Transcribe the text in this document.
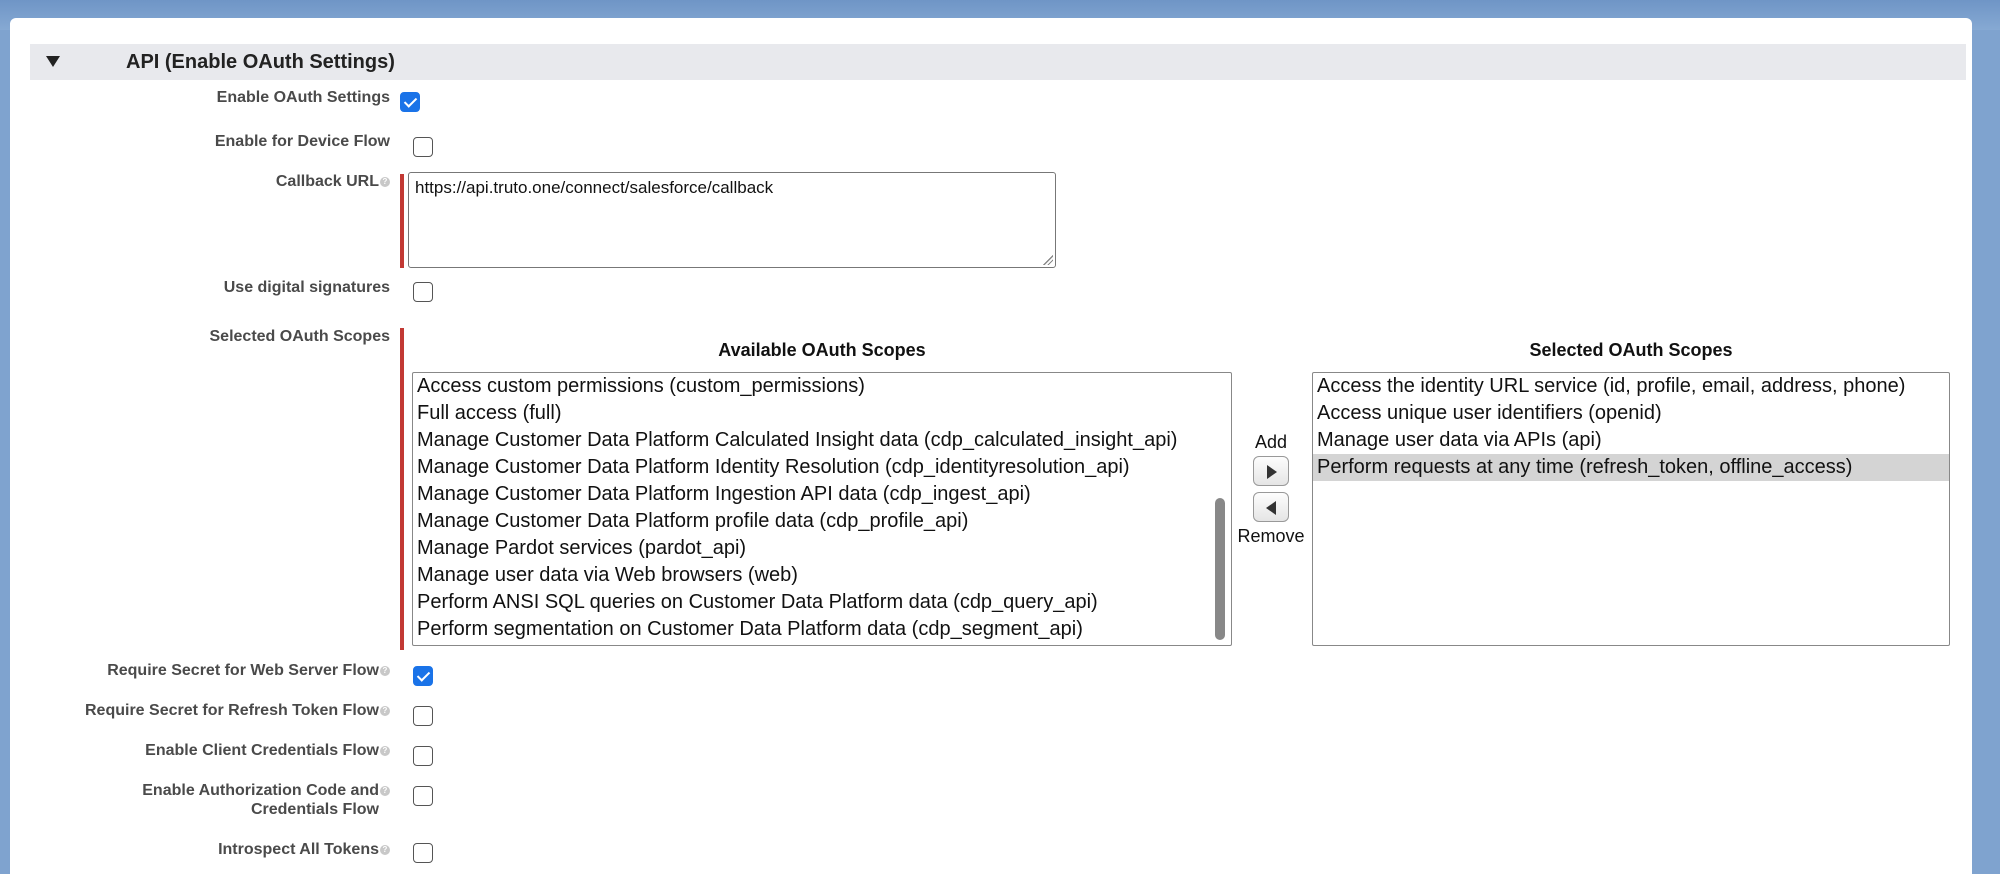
API (Enable OAuth Settings)
Enable OAuth Settings
Enable for Device Flow
Callback URL ?	https://api.truto.one/connect/salesforce/callback
Use digital signatures
Selected OAuth Scopes
Available OAuth Scopes
Access custom permissions (custom_permissions)
Full access (full)
Manage Customer Data Platform Calculated Insight data (cdp_calculated_insight_api)
Manage Customer Data Platform Identity Resolution (cdp_identityresolution_api)
Manage Customer Data Platform Ingestion API data (cdp_ingest_api)
Manage Customer Data Platform profile data (cdp_profile_api)
Manage Pardot services (pardot_api)
Manage user data via Web browsers (web)
Perform ANSI SQL queries on Customer Data Platform data (cdp_query_api)
Perform segmentation on Customer Data Platform data (cdp_segment_api)
Add
Remove
Selected OAuth Scopes
Access the identity URL service (id, profile, email, address, phone)
Access unique user identifiers (openid)
Manage user data via APIs (api)
Perform requests at any time (refresh_token, offline_access)
Require Secret for Web Server Flow ?
Require Secret for Refresh Token Flow ?
Enable Client Credentials Flow ?
Enable Authorization Code and ?
Credentials Flow
Introspect All Tokens ?
